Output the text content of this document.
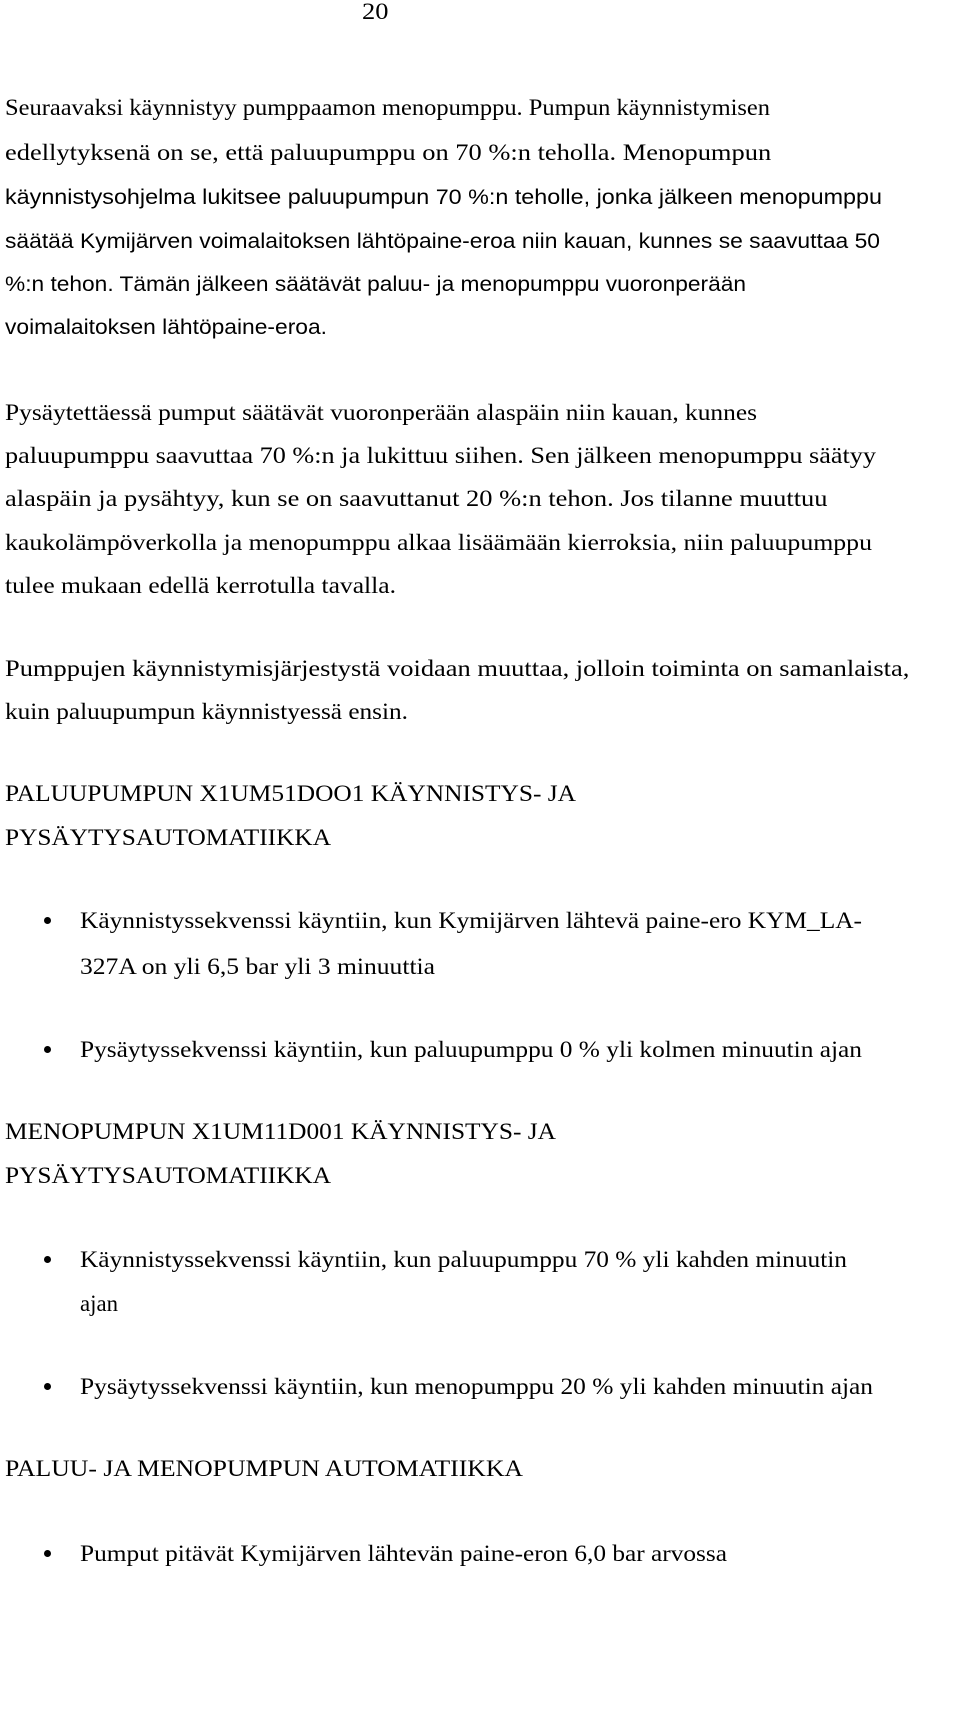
20
Seuraavaksi käynnistyy pumppaamon menopumppu. Pumpun käynnistymisen
edellytyksenä on se, että paluupumppu on 70 %:n teholla. Menopumpun
käynnistysohjelma lukitsee paluupumpun 70 %:n teholle, jonka jälkeen menopumppu
säätää Kymijärven voimalaitoksen lähtöpaine-eroa niin kauan, kunnes se saavuttaa 50
%:n tehon. Tämän jälkeen säätävät paluu- ja menopumppu vuoronperään
voimalaitoksen lähtöpaine-eroa.
Pysäytettäessä pumput säätävät vuoronperään alaspäin niin kauan, kunnes
paluupumppu saavuttaa 70 %:n ja lukittuu siihen. Sen jälkeen menopumppu säätyy
alaspäin ja pysähtyy, kun se on saavuttanut 20 %:n tehon. Jos tilanne muuttuu
kaukolämpöverkolla ja menopumppu alkaa lisäämään kierroksia, niin paluupumppu
tulee mukaan edellä kerrotulla tavalla.
Pumppujen käynnistymisjärjestystä voidaan muuttaa, jolloin toiminta on samanlaista,
kuin paluupumpun käynnistyessä ensin.
PALUUPUMPUN X1UM51DOO1 KÄYNNISTYS- JA
PYSÄYTYSAUTOMATIIKKA
Käynnistyssekvenssi käyntiin, kun Kymijärven lähtevä paine-ero KYM_LA-
327A on yli 6,5 bar yli 3 minuuttia
Pysäytyssekvenssi käyntiin, kun paluupumppu 0 % yli kolmen minuutin ajan
MENOPUMPUN X1UM11D001 KÄYNNISTYS- JA
PYSÄYTYSAUTOMATIIKKA
Käynnistyssekvenssi käyntiin, kun paluupumppu 70 % yli kahden minuutin
ajan
Pysäytyssekvenssi käyntiin, kun menopumppu 20 % yli kahden minuutin ajan
PALUU- JA MENOPUMPUN AUTOMATIIKKA
Pumput pitävät Kymijärven lähtevän paine-eron 6,0 bar arvossa
